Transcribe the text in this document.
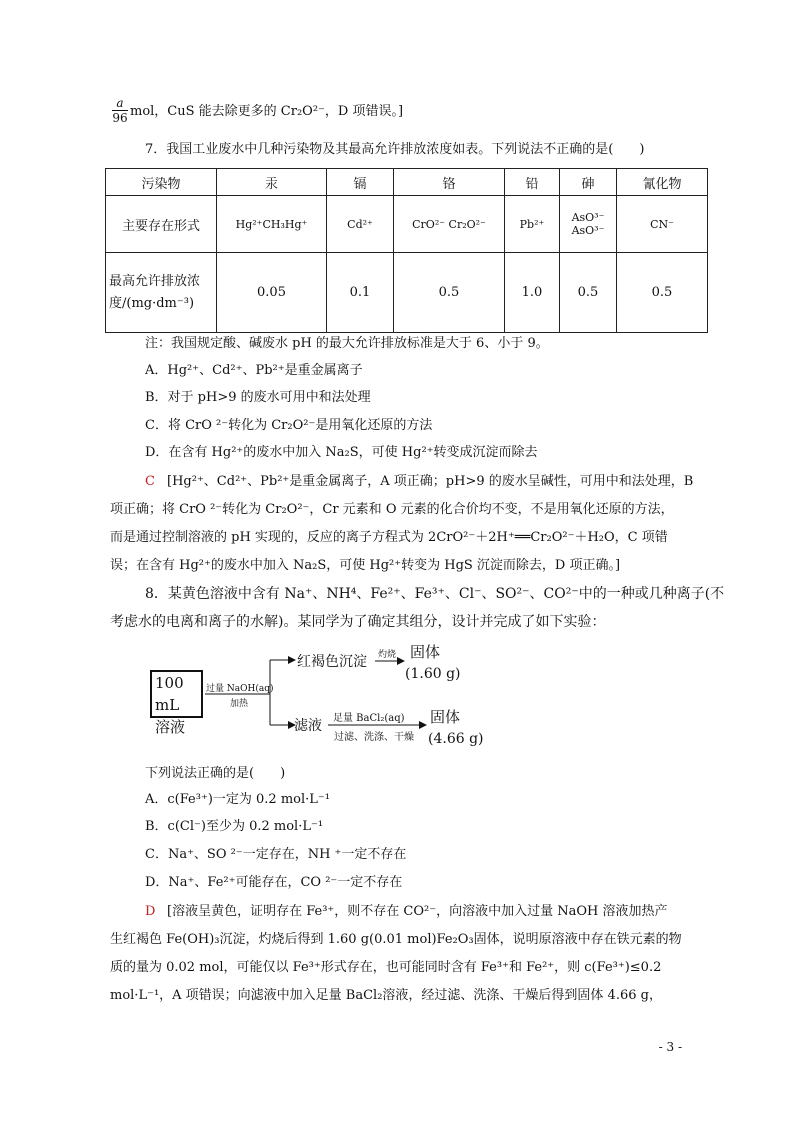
$\frac{a}{96}$ mol，CuS 能去除更多的 Cr₂O²⁻，D 项错误。]
7．我国工业废水中几种污染物及其最高允许排放浓度如表。下列说法不正确的是(　　)
污染物	汞	镉	铬	铅	砷	氰化物
主要存在形式	Hg²⁺CH₃Hg⁺	Cd²⁺	CrO²⁻ Cr₂O²⁻	Pb²⁺	AsO³⁻ AsO³⁻	CN⁻
最高允许排放浓度/(mg·dm⁻³)	0.05	0.1	0.5	1.0	0.5	0.5
注：我国规定酸、碱废水 pH 的最大允许排放标准是大于 6、小于 9。
A．Hg²⁺、Cd²⁺、Pb²⁺是重金属离子
B．对于 pH>9 的废水可用中和法处理
C．将 CrO ²⁻转化为 Cr₂O²⁻是用氧化还原的方法
D．在含有 Hg²⁺的废水中加入 Na₂S，可使 Hg²⁺转变成沉淀而除去
C [Hg²⁺、Cd²⁺、Pb²⁺是重金属离子，A 项正确；pH>9 的废水呈碱性，可用中和法处理，B
项正确；将 CrO ²⁻转化为 Cr₂O²⁻，Cr 元素和 O 元素的化合价均不变，不是用氧化还原的方法，
而是通过控制溶液的 pH 实现的，反应的离子方程式为 2CrO²⁻＋2H⁺══Cr₂O²⁻＋H₂O，C 项错
误；在含有 Hg²⁺的废水中加入 Na₂S，可使 Hg²⁺转变为 HgS 沉淀而除去，D 项正确。]
8．某黄色溶液中含有 Na⁺、NH⁴、Fe²⁺、Fe³⁺、Cl⁻、SO²⁻、CO²⁻中的一种或几种离子(不
考虑水的电离和离子的水解)。某同学为了确定其组分，设计并完成了如下实验：
100 mL
溶液
过量 NaOH(aq)
加热
红褐色沉淀 灼烧 固体
(1.60 g)
滤液 足量 BaCl₂(aq)
过滤、洗涤、干燥
固体
(4.66 g)
下列说法正确的是(　　)
A．c(Fe³⁺)一定为 0.2 mol·L⁻¹
B．c(Cl⁻)至少为 0.2 mol·L⁻¹
C．Na⁺、SO ²⁻一定存在，NH ⁺一定不存在
D．Na⁺、Fe²⁺可能存在，CO ²⁻一定不存在
D [溶液呈黄色，证明存在 Fe³⁺，则不存在 CO²⁻，向溶液中加入过量 NaOH 溶液加热产
生红褐色 Fe(OH)₃沉淀，灼烧后得到 1.60 g(0.01 mol)Fe₂O₃固体，说明原溶液中存在铁元素的物
质的量为 0.02 mol，可能仅以 Fe³⁺形式存在，也可能同时含有 Fe³⁺和 Fe²⁺，则 c(Fe³⁺)≤0.2
mol·L⁻¹，A 项错误；向滤液中加入足量 BaCl₂溶液，经过滤、洗涤、干燥后得到固体 4.66 g，
- 3 -
